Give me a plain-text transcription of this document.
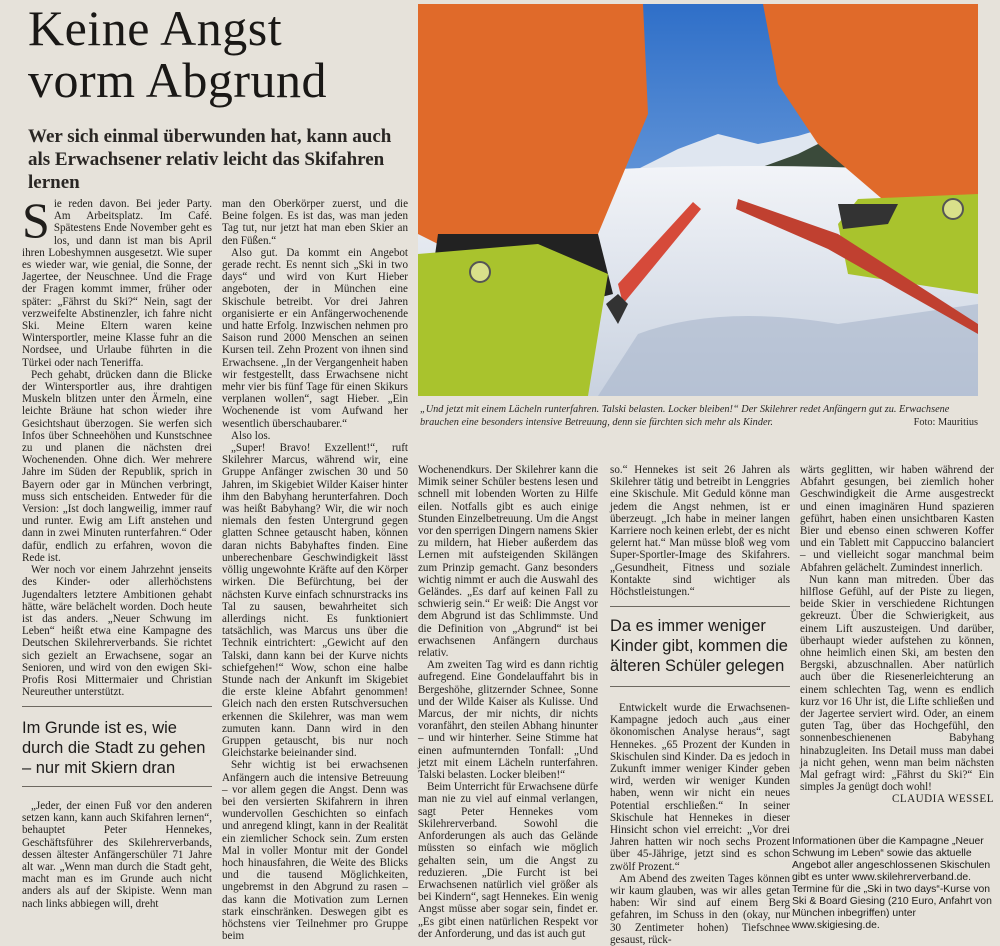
Keine Angst vorm Abgrund
Wer sich einmal überwunden hat, kann auch als Erwachsener relativ leicht das Skifahren lernen

Sie reden davon. Bei jeder Party. Am Arbeitsplatz. Im Café. Spätestens Ende November geht es los, und dann ist man bis April ihren Lobeshymnen ausgesetzt. Wie super es wieder war, wie genial, die Sonne, der Jagertee, der Neuschnee. Und die Frage der Fragen kommt immer, früher oder später: „Fährst du Ski?“ Nein, sagt der verzweifelte Abstinenzler, ich fahre nicht Ski. Meine Eltern waren keine Wintersportler, meine Klasse fuhr an die Nordsee, und Urlaube führten in die Türkei oder nach Teneriffa.

Pech gehabt, drücken dann die Blicke der Wintersportler aus, ihre drahtigen Muskeln blitzen unter den Ärmeln, eine leichte Bräune hat schon wieder ihre Gesichtshaut überzogen. Sie werfen sich Infos über Schneehöhen und Kunstschnee zu und planen die nächsten drei Wochenenden. Ohne dich. Wer mehrere Jahre im Süden der Republik, sprich in Bayern oder gar in München verbringt, muss sich entscheiden. Entweder für die Version: „Ist doch langweilig, immer rauf und runter. Ewig am Lift anstehen und dann in zwei Minuten runterfahren.“ Oder dafür, endlich zu erfahren, wovon die Rede ist.

Wer noch vor einem Jahrzehnt jenseits des Kinder- oder allerhöchstens Jugendalters letztere Ambitionen gehabt hätte, wäre belächelt worden. Doch heute ist das anders. „Neuer Schwung im Leben“ heißt etwa eine Kampagne des Deutschen Skilehrerverbands. Sie richtet sich gezielt an Erwachsene, sogar an Senioren, und wird von den ewigen Ski-Profis Rosi Mittermaier und Christian Neureuther unterstützt.

Im Grunde ist es, wie durch die Stadt zu gehen – nur mit Skiern dran

„Jeder, der einen Fuß vor den anderen setzen kann, kann auch Skifahren lernen“, behauptet Peter Hennekes, Geschäftsführer des Skilehrerverbands, dessen ältester Anfängerschüler 71 Jahre alt war. „Wenn man durch die Stadt geht, macht man es im Grunde auch nicht anders als auf der Skipiste. Wenn man nach links abbiegen will, dreht

man den Oberkörper zuerst, und die Beine folgen. Es ist das, was man jeden Tag tut, nur jetzt hat man eben Skier an den Füßen.“

Also gut. Da kommt ein Angebot gerade recht. Es nennt sich „Ski in two days“ und wird von Kurt Hieber angeboten, der in München eine Skischule betreibt. Vor drei Jahren organisierte er ein Anfängerwochenende und hatte Erfolg. Inzwischen nehmen pro Saison rund 2000 Menschen an seinen Kursen teil. Zehn Prozent von ihnen sind Erwachsene. „In der Vergangenheit haben wir festgestellt, dass Erwachsene nicht mehr vier bis fünf Tage für einen Skikurs verplanen wollen“, sagt Hieber. „Ein Wochenende ist vom Aufwand her wesentlich überschaubarer.“

Also los.

„Super! Bravo! Exzellent!“, ruft Skilehrer Marcus, während wir, eine Gruppe Anfänger zwischen 30 und 50 Jahren, im Skigebiet Wilder Kaiser hinter ihm den Babyhang herunterfahren. Doch was heißt Babyhang? Wir, die wir noch niemals den festen Untergrund gegen glatten Schnee getauscht haben, können daran nichts Babyhaftes finden. Eine unberechenbare Geschwindigkeit lässt völlig ungewohnte Kräfte auf den Körper wirken. Die Befürchtung, bei der nächsten Kurve einfach schnurstracks ins Tal zu sausen, bewahrheitet sich allerdings nicht. Es funktioniert tatsächlich, was Marcus uns über die Technik eintrichtert: „Gewicht auf den Talski, dann kann bei der Kurve nichts schiefgehen!“ Wow, schon eine halbe Stunde nach der Ankunft im Skigebiet die erste kleine Abfahrt genommen! Gleich nach den ersten Rutschversuchen erkennen die Skilehrer, was man wem zumuten kann. Dann wird in den Gruppen getauscht, bis nur noch Gleichstarke beieinander sind.

Sehr wichtig ist bei erwachsenen Anfängern auch die intensive Betreuung – vor allem gegen die Angst. Denn was bei den versierten Skifahrern in ihren wundervollen Geschichten so einfach und anregend klingt, kann in der Realität ein ziemlicher Schock sein. Zum ersten Mal in voller Montur mit der Gondel hoch hinausfahren, die Weite des Blicks und die tausend Möglichkeiten, ungebremst in den Abgrund zu rasen – das kann die Motivation zum Lernen stark einschränken. Deswegen gibt es höchstens vier Teilnehmer pro Gruppe beim

„Und jetzt mit einem Lächeln runterfahren. Talski belasten. Locker bleiben!“ Der Skilehrer redet Anfängern gut zu. Erwachsene brauchen eine besonders intensive Betreuung, denn sie fürchten sich mehr als Kinder.	Foto: Mauritius

Wochenendkurs. Der Skilehrer kann die Mimik seiner Schüler bestens lesen und schnell mit lobenden Worten zu Hilfe eilen. Notfalls gibt es auch einige Stunden Einzelbetreuung. Um die Angst vor den sperrigen Dingern namens Skier zu mildern, hat Hieber außerdem das Lernen mit aufsteigenden Skilängen zum Prinzip gemacht. Ganz besonders wichtig nimmt er auch die Auswahl des Geländes. „Es darf auf keinen Fall zu schwierig sein.“ Er weiß: Die Angst vor dem Abgrund ist das Schlimmste. Und die Definition von „Abgrund“ ist bei erwachsenen Anfängern durchaus relativ.

Am zweiten Tag wird es dann richtig aufregend. Eine Gondelauffahrt bis in Bergeshöhe, glitzernder Schnee, Sonne und der Wilde Kaiser als Kulisse. Und Marcus, der mir nichts, dir nichts voranfährt, den steilen Abhang hinunter – und wir hinterher. Seine Stimme hat einen aufmunternden Tonfall: „Und jetzt mit einem Lächeln runterfahren. Talski belasten. Locker bleiben!“

Beim Unterricht für Erwachsene dürfe man nie zu viel auf einmal verlangen, sagt Peter Hennekes vom Skilehrerverband. Sowohl die Anforderungen als auch das Gelände müssten so einfach wie möglich gehalten sein, um die Angst zu reduzieren. „Die Furcht ist bei Erwachsenen natürlich viel größer als bei Kindern“, sagt Hennekes. Ein wenig Angst müsse aber sogar sein, findet er. „Es gibt einen natürlichen Respekt vor der Anforderung, und das ist auch gut

so.“ Hennekes ist seit 26 Jahren als Skilehrer tätig und betreibt in Lenggries eine Skischule. Mit Geduld könne man jedem die Angst nehmen, ist er überzeugt. „Ich habe in meiner langen Karriere noch keinen erlebt, der es nicht gelernt hat.“ Man müsse bloß weg vom Super-Sportler-Image des Skifahrers. „Gesundheit, Fitness und soziale Kontakte sind wichtiger als Höchstleistungen.“

Da es immer weniger Kinder gibt, kommen die älteren Schüler gelegen

Entwickelt wurde die Erwachsenen-Kampagne jedoch auch „aus einer ökonomischen Analyse heraus“, sagt Hennekes. „65 Prozent der Kunden in Skischulen sind Kinder. Da es jedoch in Zukunft immer weniger Kinder geben wird, werden wir weniger Kunden haben, wenn wir nicht ein neues Potential erschließen.“ In seiner Skischule hat Hennekes in dieser Hinsicht schon viel erreicht: „Vor drei Jahren hatten wir noch sechs Prozent über 45-Jährige, jetzt sind es schon zwölf Prozent.“

Am Abend des zweiten Tages können wir kaum glauben, was wir alles getan haben: Wir sind auf einem Berg gefahren, im Schuss in den (okay, nur 30 Zentimeter hohen) Tiefschnee gesaust, rück-

wärts geglitten, wir haben während der Abfahrt gesungen, bei ziemlich hoher Geschwindigkeit die Arme ausgestreckt und einen imaginären Hund spazieren geführt, haben einen unsichtbaren Kasten Bier und ebenso einen schweren Koffer und ein Tablett mit Cappuccino balanciert – und vielleicht sogar manchmal beim Abfahren gelächelt. Zumindest innerlich.

Nun kann man mitreden. Über das hilflose Gefühl, auf der Piste zu liegen, beide Skier in verschiedene Richtungen gekreuzt. Über die Schwierigkeit, aus einem Lift auszusteigen. Und darüber, überhaupt wieder aufstehen zu können, ohne heimlich einen Ski, am besten den Bergski, abzuschnallen. Aber natürlich auch über die Riesenerleichterung an einem schlechten Tag, wenn es endlich kurz vor 16 Uhr ist, die Lifte schließen und der Jagertee serviert wird. Oder, an einem guten Tag, über das Hochgefühl, den sonnenbeschienenen Babyhang hinabzugleiten. Ins Detail muss man dabei ja nicht gehen, wenn man beim nächsten Mal gefragt wird: „Fährst du Ski?“ Ein simples Ja genügt doch wohl!

CLAUDIA WESSEL

Informationen über die Kampagne „Neuer Schwung im Leben“ sowie das aktuelle Angebot aller angeschlossenen Skischulen gibt es unter www.skilehrerverband.de. Termine für die „Ski in two days“-Kurse von Ski & Board Giesing (210 Euro, Anfahrt von München inbegriffen) unter www.skigiesing.de.
